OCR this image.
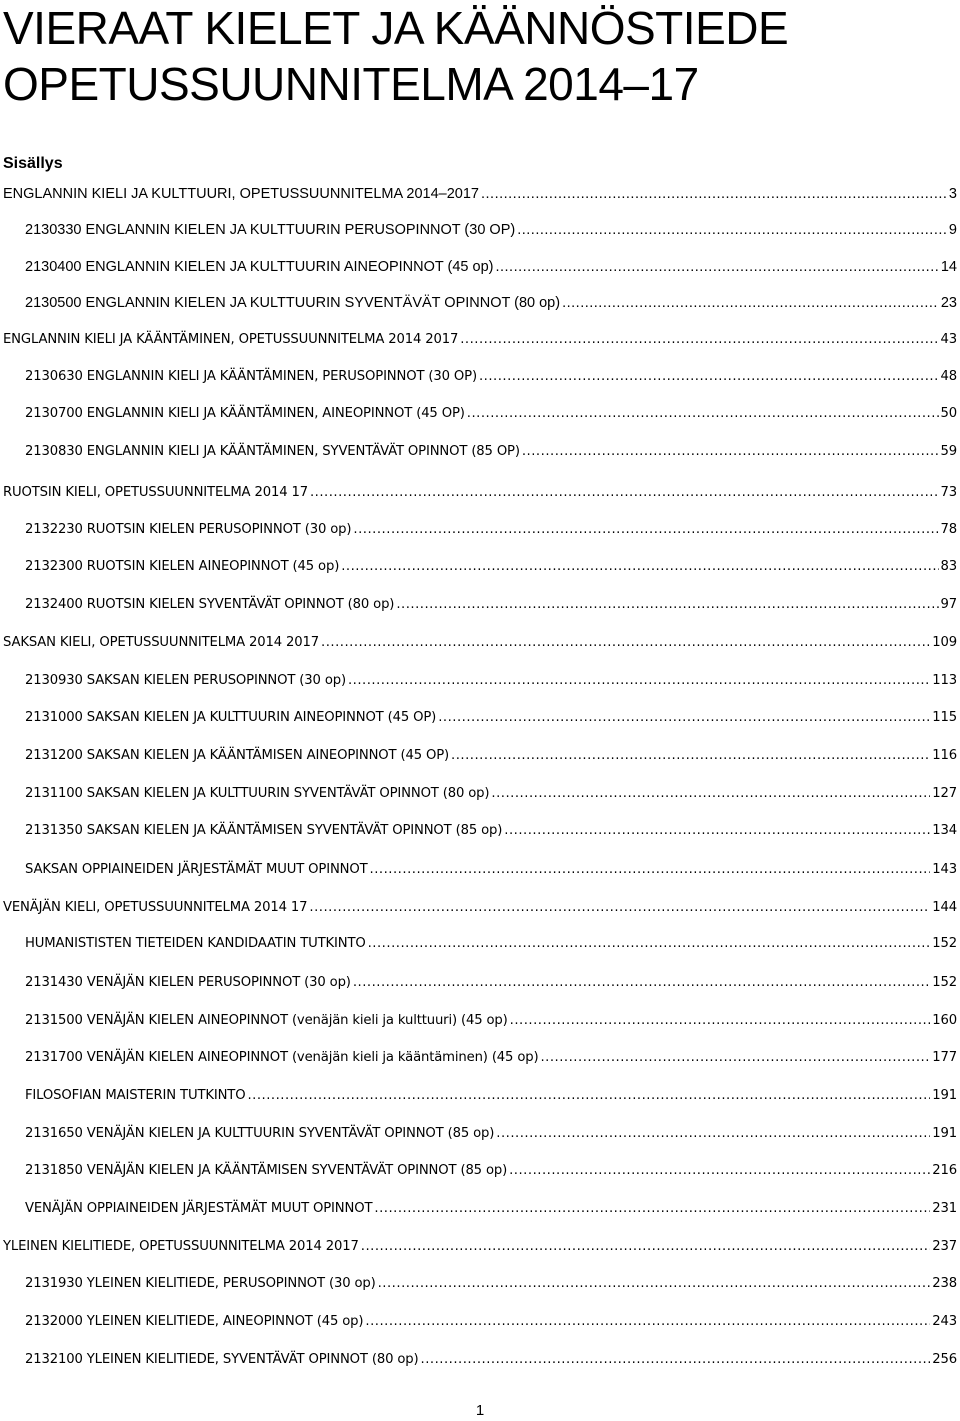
VIERAAT KIELET JA KÄÄNNÖSTIEDE
OPETUSSUUNNITELMA 2014–17
Sisällys
ENGLANNIN KIELI JA KULTTUURI, OPETUSSUUNNITELMA 2014–2017 .....	3
2130330 ENGLANNIN KIELEN JA KULTTUURIN PERUSOPINNOT (30 OP) .....	9
2130400 ENGLANNIN KIELEN JA KULTTUURIN AINEOPINNOT (45 op) .....	14
2130500 ENGLANNIN KIELEN JA KULTTUURIN SYVENTÄVÄT OPINNOT (80 op) .....	23
ENGLANNIN KIELI JA KÄÄNTÄMINEN, OPETUSSUUNNITELMA 2014 2017 .....	43
2130630 ENGLANNIN KIELI JA KÄÄNTÄMINEN, PERUSOPINNOT (30 OP) .....	48
2130700 ENGLANNIN KIELI JA KÄÄNTÄMINEN, AINEOPINNOT (45 OP) .....	50
2130830 ENGLANNIN KIELI JA KÄÄNTÄMINEN, SYVENTÄVÄT OPINNOT (85 OP) .....	59
RUOTSIN KIELI, OPETUSSUUNNITELMA 2014 17 .....	73
2132230 RUOTSIN KIELEN PERUSOPINNOT (30 op) .....	78
2132300 RUOTSIN KIELEN AINEOPINNOT (45 op) .....	83
2132400 RUOTSIN KIELEN SYVENTÄVÄT OPINNOT (80 op) .....	97
SAKSAN KIELI, OPETUSSUUNNITELMA 2014 2017 .....	109
2130930 SAKSAN KIELEN PERUSOPINNOT (30 op) .....	113
2131000 SAKSAN KIELEN JA KULTTUURIN AINEOPINNOT (45 OP) .....	115
2131200 SAKSAN KIELEN JA KÄÄNTÄMISEN AINEOPINNOT (45 OP) .....	116
2131100 SAKSAN KIELEN JA KULTTUURIN SYVENTÄVÄT OPINNOT (80 op) .....	127
2131350 SAKSAN KIELEN JA KÄÄNTÄMISEN SYVENTÄVÄT OPINNOT (85 op) .....	134
SAKSAN OPPIAINEIDEN JÄRJESTÄMÄT MUUT OPINNOT .....	143
VENÄJÄN KIELI, OPETUSSUUNNITELMA 2014 17 .....	144
HUMANISTISTEN TIETEIDEN KANDIDAATIN TUTKINTO .....	152
2131430 VENÄJÄN KIELEN PERUSOPINNOT (30 op) .....	152
2131500 VENÄJÄN KIELEN AINEOPINNOT (venäjän kieli ja kulttuuri) (45 op) .....	160
2131700 VENÄJÄN KIELEN AINEOPINNOT (venäjän kieli ja kääntäminen) (45 op) .....	177
FILOSOFIAN MAISTERIN TUTKINTO .....	191
2131650 VENÄJÄN KIELEN JA KULTTUURIN SYVENTÄVÄT OPINNOT (85 op) .....	191
2131850 VENÄJÄN KIELEN JA KÄÄNTÄMISEN SYVENTÄVÄT OPINNOT (85 op) .....	216
VENÄJÄN OPPIAINEIDEN JÄRJESTÄMÄT MUUT OPINNOT .....	231
YLEINEN KIELITIEDE, OPETUSSUUNNITELMA 2014 2017 .....	237
2131930 YLEINEN KIELITIEDE, PERUSOPINNOT (30 op) .....	238
2132000 YLEINEN KIELITIEDE, AINEOPINNOT (45 op) .....	243
2132100 YLEINEN KIELITIEDE, SYVENTÄVÄT OPINNOT (80 op) .....	256
1
